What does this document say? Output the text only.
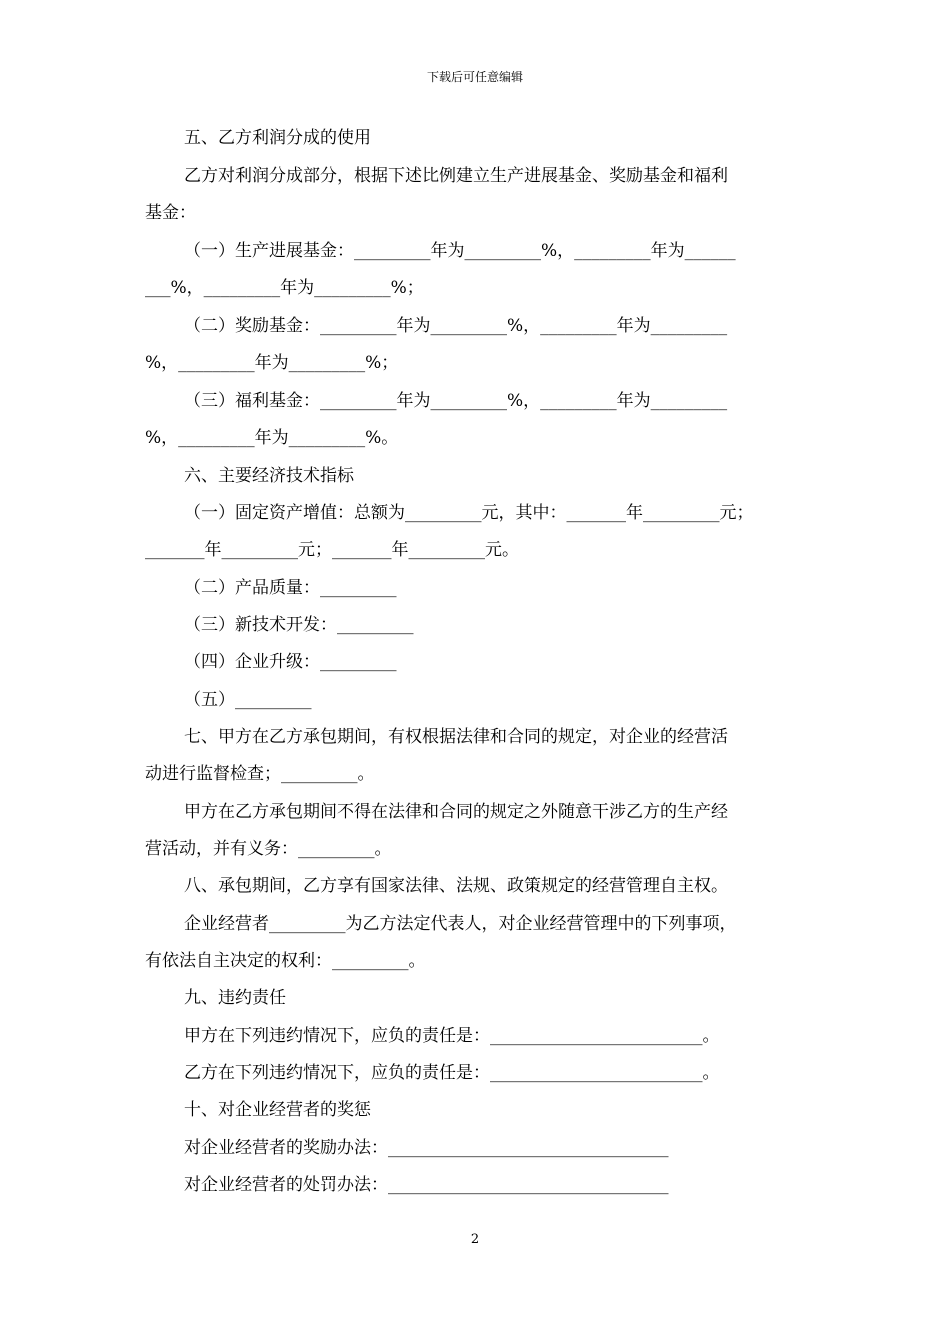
下载后可任意编辑
五、乙方利润分成的使用
乙方对利润分成部分，根据下述比例建立生产进展基金、奖励基金和福利
基金：
（一）生产进展基金：_________年为_________%，_________年为______
___%，_________年为_________%；
（二）奖励基金：_________年为_________%，_________年为_________
%，_________年为_________%；
（三）福利基金：_________年为_________%，_________年为_________
%，_________年为_________%。
六、主要经济技术指标
（一）固定资产增值：总额为_________元，其中：_______年_________元；
_______年_________元；_______年_________元。
（二）产品质量：_________
（三）新技术开发：_________
（四）企业升级：_________
（五）_________
七、甲方在乙方承包期间，有权根据法律和合同的规定，对企业的经营活
动进行监督检查；_________。
甲方在乙方承包期间不得在法律和合同的规定之外随意干涉乙方的生产经
营活动，并有义务：_________。
八、承包期间，乙方享有国家法律、法规、政策规定的经营管理自主权。
企业经营者_________为乙方法定代表人，对企业经营管理中的下列事项，
有依法自主决定的权利：_________。
九、违约责任
甲方在下列违约情况下，应负的责任是：_________________________。
乙方在下列违约情况下，应负的责任是：_________________________。
十、对企业经营者的奖惩
对企业经营者的奖励办法：_________________________________
对企业经营者的处罚办法：_________________________________
2
